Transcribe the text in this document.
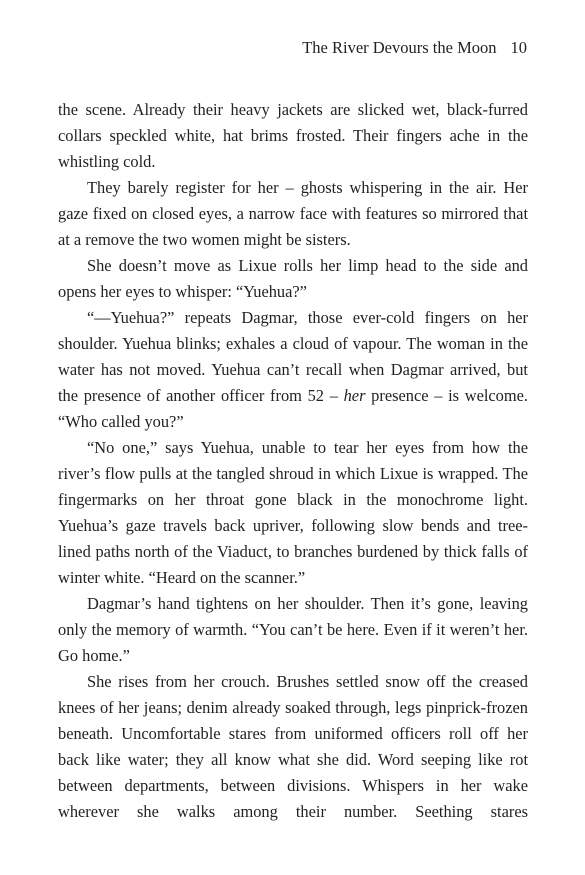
The River Devours the Moon 10

the scene. Already their heavy jackets are slicked wet, black-furred collars speckled white, hat brims frosted. Their fingers ache in the whistling cold.

They barely register for her – ghosts whispering in the air. Her gaze fixed on closed eyes, a narrow face with features so mirrored that at a remove the two women might be sisters.

She doesn’t move as Lixue rolls her limp head to the side and opens her eyes to whisper: “Yuehua?”

“—Yuehua?” repeats Dagmar, those ever-cold fingers on her shoulder. Yuehua blinks; exhales a cloud of vapour. The woman in the water has not moved. Yuehua can’t recall when Dagmar arrived, but the presence of another officer from 52 – her presence – is welcome. “Who called you?”

“No one,” says Yuehua, unable to tear her eyes from how the river’s flow pulls at the tangled shroud in which Lixue is wrapped. The fingermarks on her throat gone black in the monochrome light. Yuehua’s gaze travels back upriver, following slow bends and tree-lined paths north of the Viaduct, to branches burdened by thick falls of winter white. “Heard on the scanner.”

Dagmar’s hand tightens on her shoulder. Then it’s gone, leaving only the memory of warmth. “You can’t be here. Even if it weren’t her. Go home.”

She rises from her crouch. Brushes settled snow off the creased knees of her jeans; denim already soaked through, legs pinprick-frozen beneath. Uncomfortable stares from uniformed officers roll off her back like water; they all know what she did. Word seeping like rot between departments, between divisions. Whispers in her wake wherever she walks among their number. Seething stares
